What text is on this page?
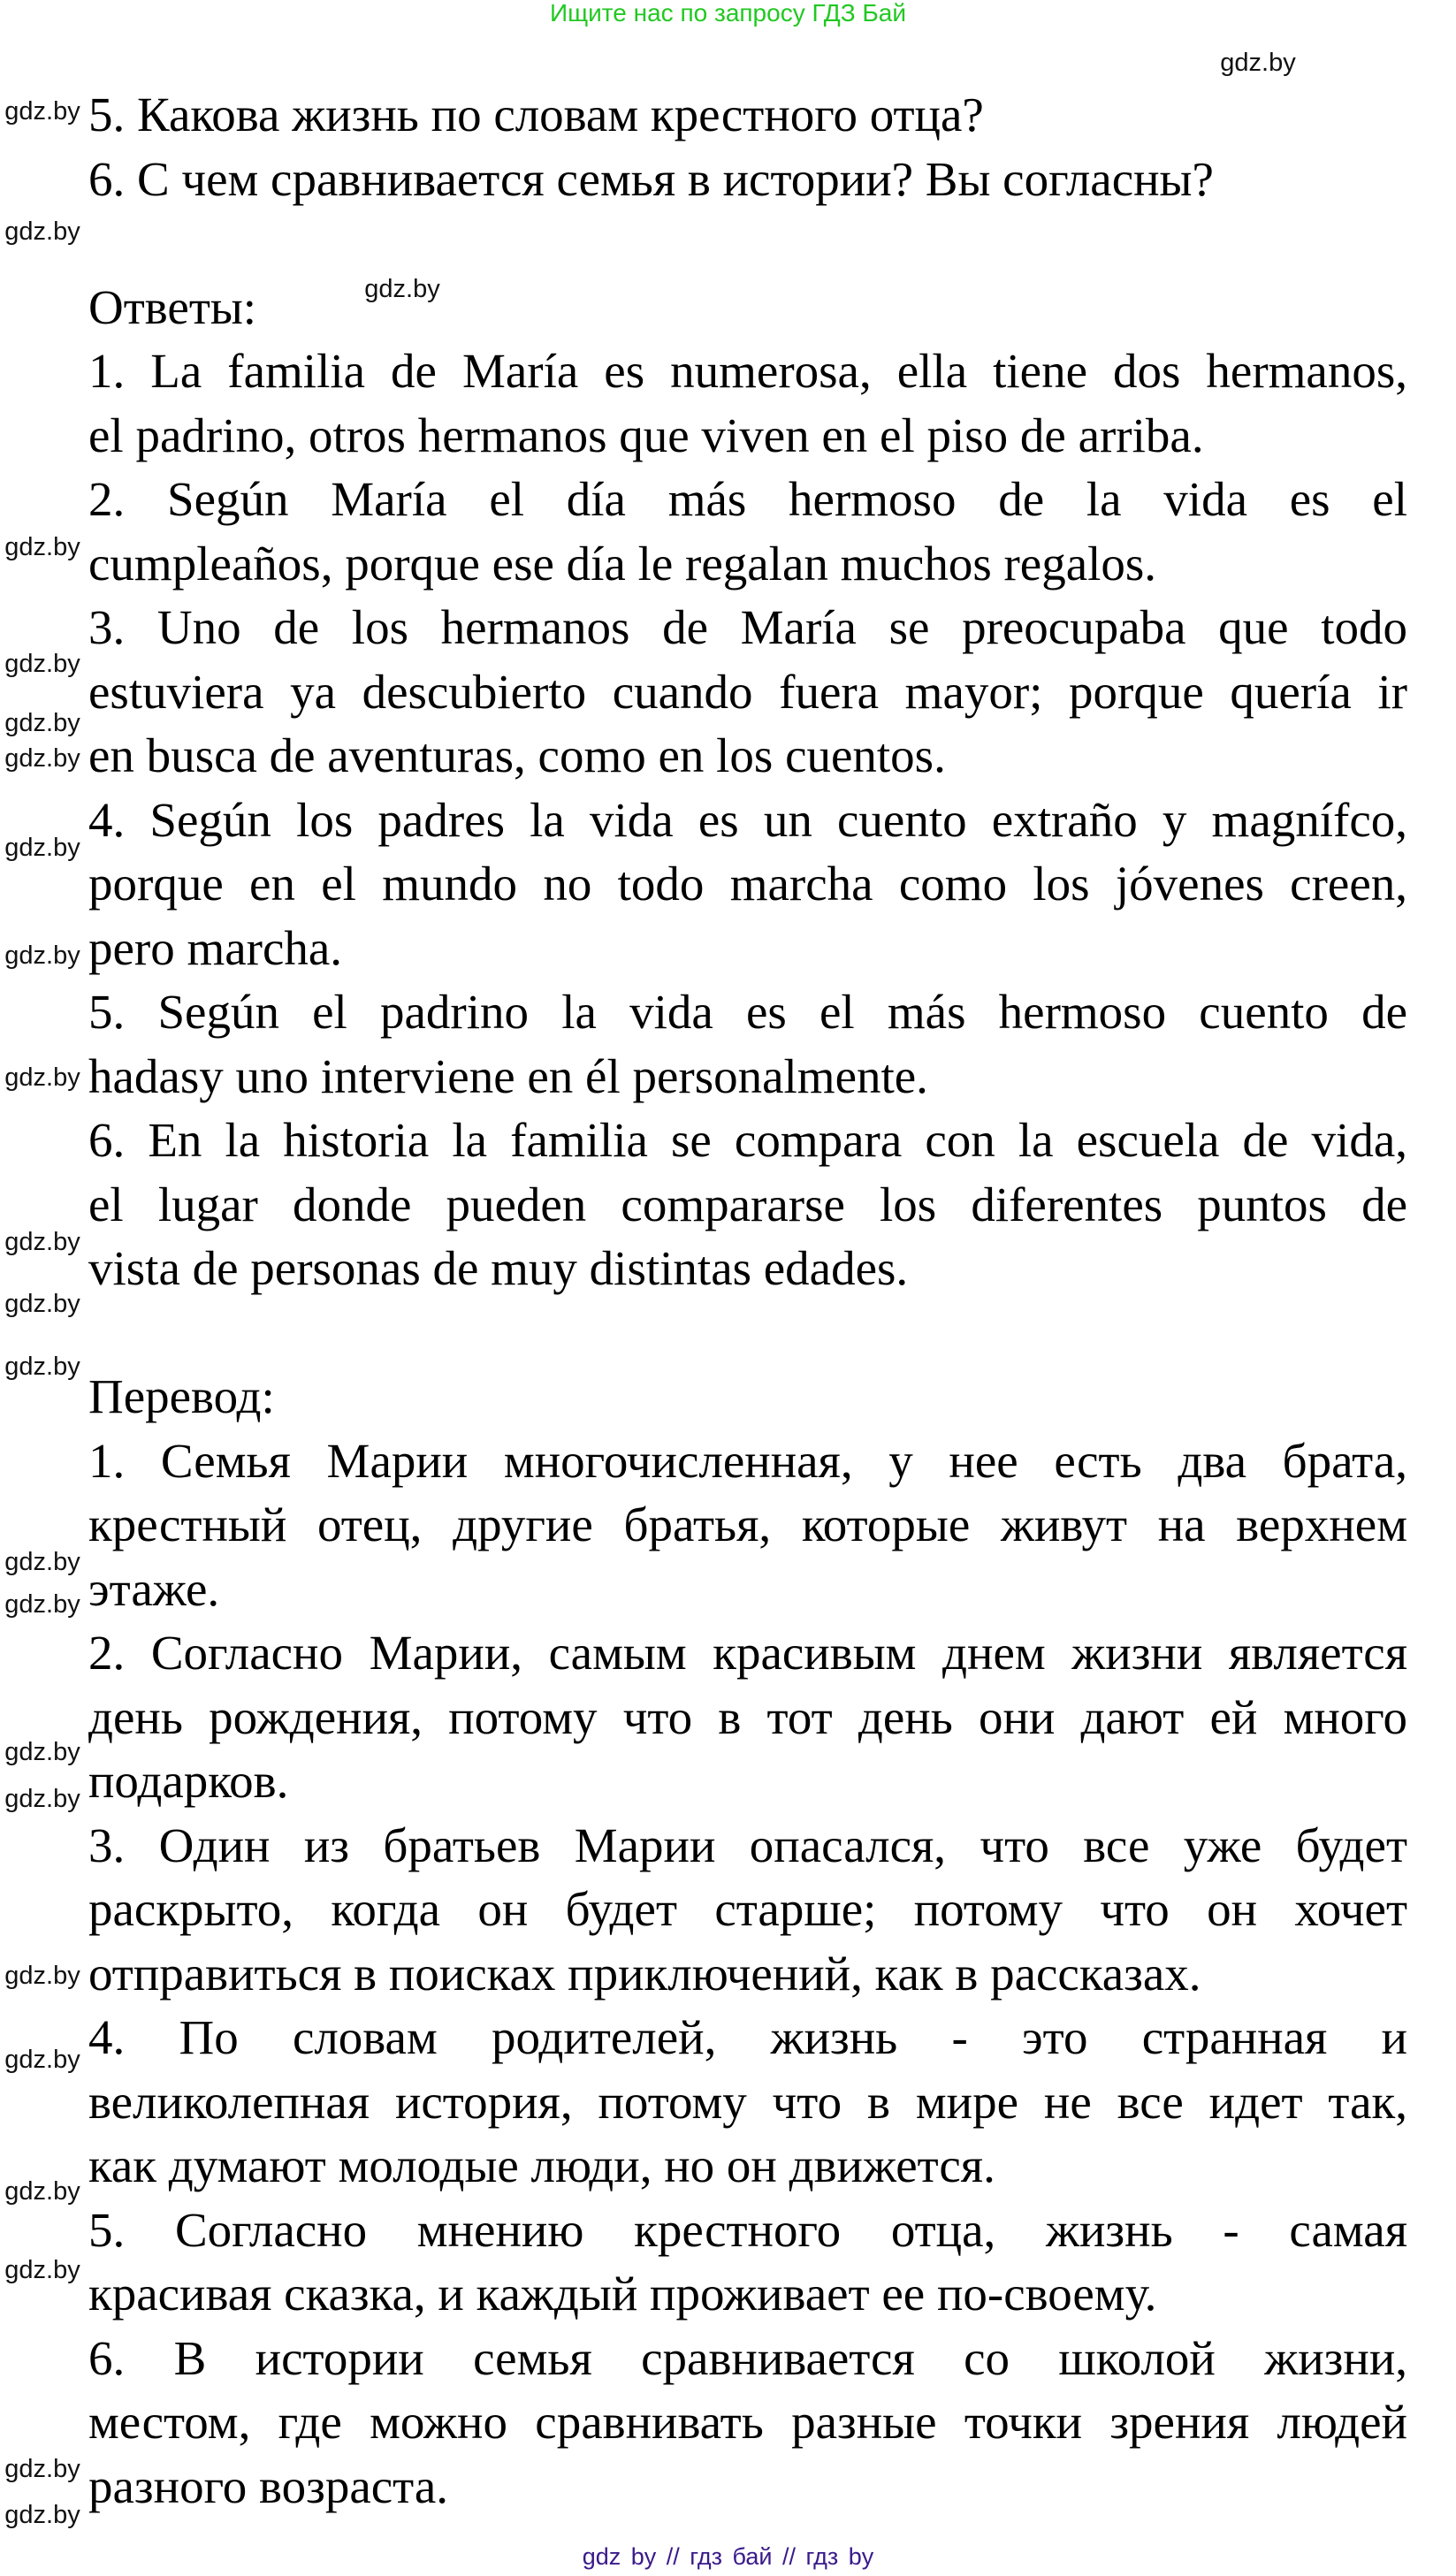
Ищите нас по запросу ГДЗ Бай
5. Какова жизнь по словам крестного отца?
6. С чем сравнивается семья в истории? Вы согласны?
Ответы:
1. La familia de María es numerosa, ella tiene dos hermanos,
el padrino, otros hermanos que viven en el piso de arriba.
2. Según María el día más hermoso de la vida es el
cumpleaños, porque ese día le regalan muchos regalos.
3. Uno de los hermanos de María se preocupaba que todo
estuviera ya descubierto cuando fuera mayor; porque quería ir
en busca de aventuras, como en los cuentos.
4. Según los padres la vida es un cuento extraño y magnífco,
porque en el mundo no todo marcha como los jóvenes creen,
pero marcha.
5. Según el padrino la vida es el más hermoso cuento de
hadasy uno interviene en él personalmente.
6. En la historia la familia se compara con la escuela de vida,
el lugar donde pueden compararse los diferentes puntos de
vista de personas de muy distintas edades.
Перевод:
1. Семья Марии многочисленная, у нее есть два брата,
крестный отец, другие братья, которые живут на верхнем
этаже.
2. Согласно Марии, самым красивым днем жизни является
день рождения, потому что в тот день они дают ей много
подарков.
3. Один из братьев Марии опасался, что все уже будет
раскрыто, когда он будет старше; потому что он хочет
отправиться в поисках приключений, как в рассказах.
4. По словам родителей, жизнь - это странная и
великолепная история, потому что в мире не все идет так,
как думают молодые люди, но он движется.
5. Согласно мнению крестного отца, жизнь - самая
красивая сказка, и каждый проживает ее по-своему.
6. В истории семья сравнивается со школой жизни,
местом, где можно сравнивать разные точки зрения людей
разного возраста.
gdz.by
gdz.by
gdz.by
gdz.by
gdz.by
gdz.by
gdz.by
gdz.by
gdz.by
gdz.by
gdz.by
gdz.by
gdz.by
gdz.by
gdz.by
gdz.by
gdz.by
gdz.by
gdz.by
gdz.by
gdz.by
gdz.by
gdz.by
gdz.by
gdz by // гдз бай // гдз by
